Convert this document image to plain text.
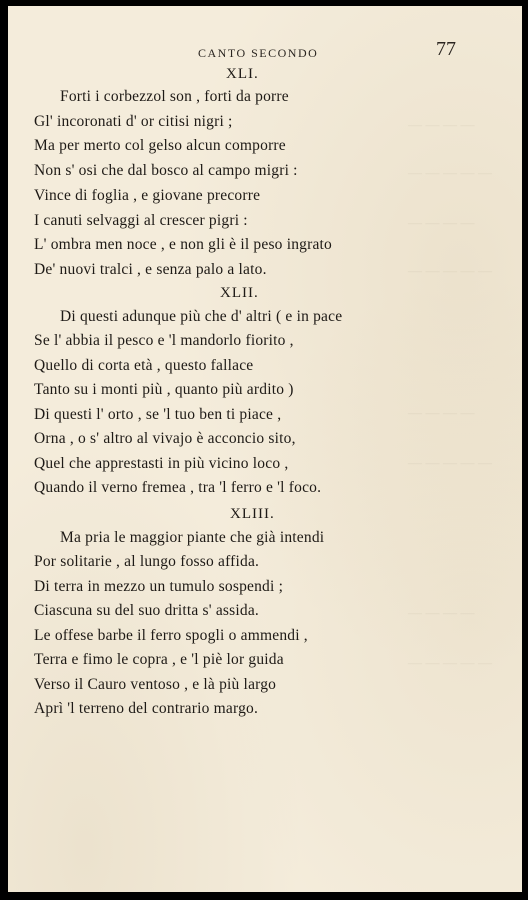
CANTO SECONDO	77
— — — —
— — — — —
— — — —
— — — — —
— — — —
— — — — —
— — — —
— — — — —
XLI.
Forti i corbezzol son , forti da porre
Gl' incoronati d' or citisi nigri ;
Ma per merto col gelso alcun comporre
Non s' osi che dal bosco al campo migri :
Vince di foglia , e giovane precorre
I canuti selvaggi al crescer pigri :
L' ombra men noce , e non gli è il peso ingrato
De' nuovi tralci , e senza palo a lato.
XLII.
Di questi adunque più che d' altri ( e in pace
Se l' abbia il pesco e 'l mandorlo fiorito ,
Quello di corta età , questo fallace
Tanto su i monti più , quanto più ardito )
Di questi l' orto , se 'l tuo ben ti piace ,
Orna , o s' altro al vivajo è acconcio sito,
Quel che apprestasti in più vicino loco ,
Quando il verno fremea , tra 'l ferro e 'l foco.
XLIII.
Ma pria le maggior piante che già intendi
Por solitarie , al lungo fosso affida.
Di terra in mezzo un tumulo sospendi ;
Ciascuna su del suo dritta s' assida.
Le offese barbe il ferro spogli o ammendi ,
Terra e fimo le copra , e 'l piè lor guida
Verso il Cauro ventoso , e là più largo
Aprì 'l terreno del contrario margo.
